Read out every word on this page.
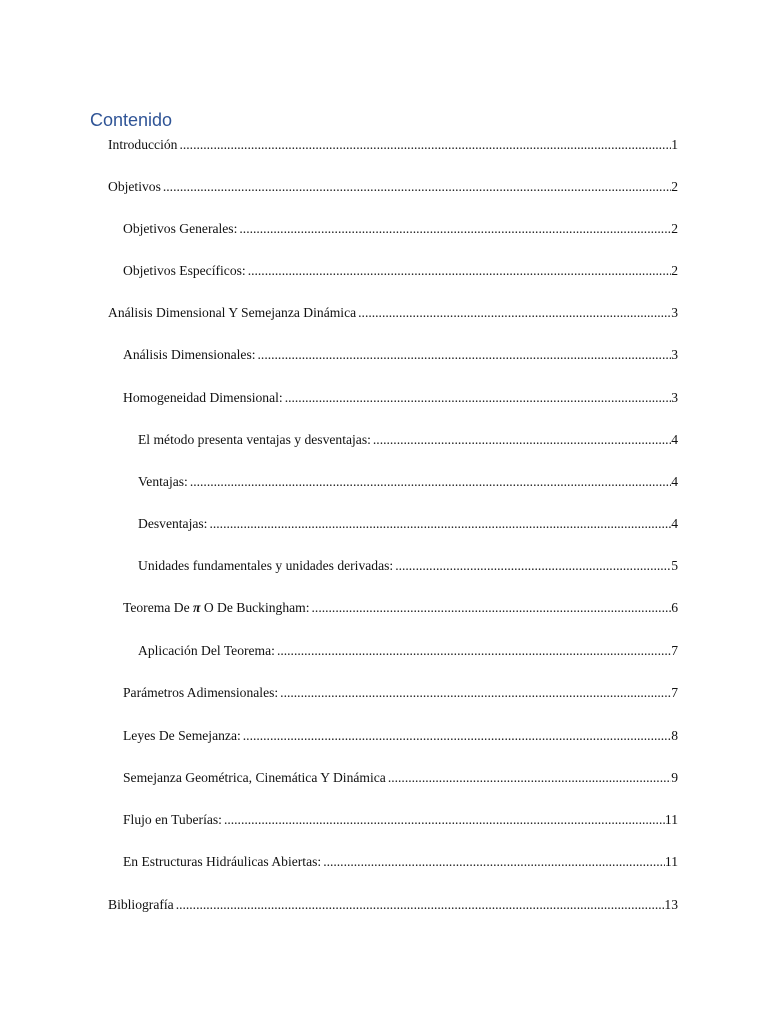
Contenido
Introducción .....	1
Objetivos .....	2
Objetivos Generales: .....	2
Objetivos Específicos: .....	2
Análisis Dimensional Y Semejanza Dinámica .....	3
Análisis Dimensionales: .....	3
Homogeneidad Dimensional: .....	3
El método presenta ventajas y desventajas: .....	4
Ventajas: .....	4
Desventajas: .....	4
Unidades fundamentales y unidades derivadas: .....	5
Teorema De π O De Buckingham: .....	6
Aplicación Del Teorema: .....	7
Parámetros Adimensionales: .....	7
Leyes De Semejanza: .....	8
Semejanza Geométrica, Cinemática Y Dinámica .....	9
Flujo en Tuberías: .....	11
En Estructuras Hidráulicas Abiertas: .....	11
Bibliografía .....	13
